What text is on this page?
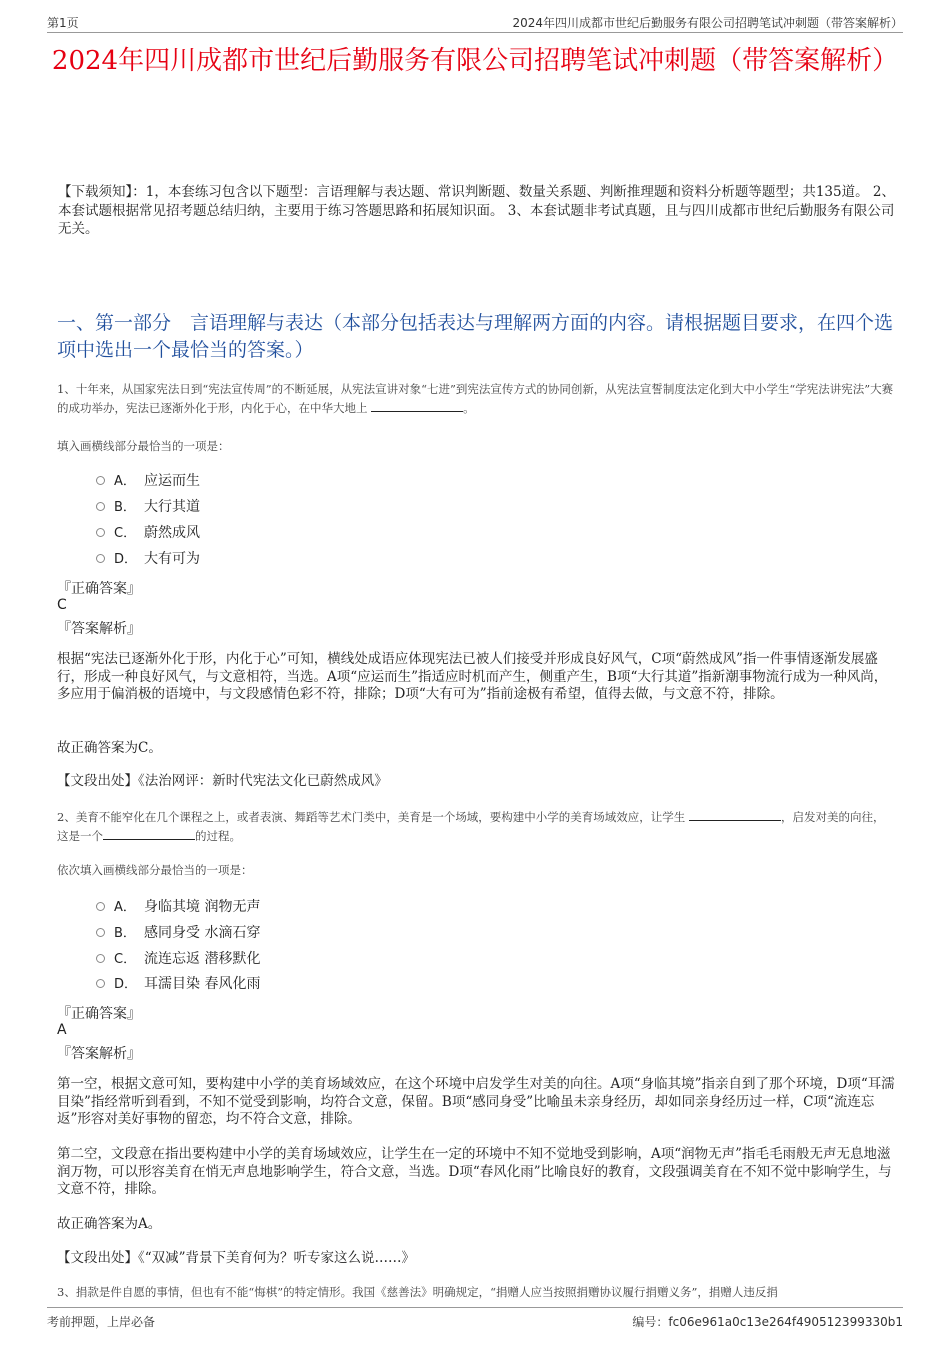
第1页	2024年四川成都市世纪后勤服务有限公司招聘笔试冲刺题（带答案解析）
2024年四川成都市世纪后勤服务有限公司招聘笔试冲刺题（带答案解析）
【下载须知】：1，本套练习包含以下题型：言语理解与表达题、常识判断题、数量关系题、判断推理题和资料分析题等题型；共135道。 2、本套试题根据常见招考题总结归纳，主要用于练习答题思路和拓展知识面。 3、本套试题非考试真题，且与四川成都市世纪后勤服务有限公司无关。
一、第一部分　言语理解与表达（本部分包括表达与理解两方面的内容。请根据题目要求，在四个选项中选出一个最恰当的答案。）
1、十年来，从国家宪法日到“宪法宣传周”的不断延展，从宪法宣讲对象“七进”到宪法宣传方式的协同创新，从宪法宣誓制度法定化到大中小学生“学宪法讲宪法”大赛的成功举办，宪法已逐渐外化于形，内化于心，在中华大地上	。
填入画横线部分最恰当的一项是：
A． 应运而生
B． 大行其道
C． 蔚然成风
D． 大有可为
『正确答案』
C
『答案解析』
根据“宪法已逐渐外化于形，内化于心”可知，横线处成语应体现宪法已被人们接受并形成良好风气，C项“蔚然成风”指一件事情逐渐发展盛行，形成一种良好风气，与文意相符，当选。A项“应运而生”指适应时机而产生，侧重产生，B项“大行其道”指新潮事物流行成为一种风尚，多应用于偏消极的语境中，与文段感情色彩不符，排除；D项“大有可为”指前途极有希望，值得去做，与文意不符，排除。
故正确答案为C。
【文段出处】《法治网评：新时代宪法文化已蔚然成风》
2、美育不能窄化在几个课程之上，或者表演、舞蹈等艺术门类中，美育是一个场域，要构建中小学的美育场域效应，让学生	，启发对美的向往，这是一个	的过程。
依次填入画横线部分最恰当的一项是：
A． 身临其境 润物无声
B． 感同身受 水滴石穿
C． 流连忘返 潜移默化
D． 耳濡目染 春风化雨
『正确答案』
A
『答案解析』
第一空，根据文意可知，要构建中小学的美育场域效应，在这个环境中启发学生对美的向往。A项“身临其境”指亲自到了那个环境，D项“耳濡目染”指经常听到看到，不知不觉受到影响，均符合文意，保留。B项“感同身受”比喻虽未亲身经历，却如同亲身经历过一样，C项“流连忘返”形容对美好事物的留恋，均不符合文意，排除。
第二空，文段意在指出要构建中小学的美育场域效应，让学生在一定的环境中不知不觉地受到影响，A项“润物无声”指毛毛雨般无声无息地滋润万物，可以形容美育在悄无声息地影响学生，符合文意，当选。D项“春风化雨”比喻良好的教育，文段强调美育在不知不觉中影响学生，与文意不符，排除。
故正确答案为A。
【文段出处】《“双减”背景下美育何为？听专家这么说……》
3、捐款是件自愿的事情，但也有不能“悔棋”的特定情形。我国《慈善法》明确规定，“捐赠人应当按照捐赠协议履行捐赠义务”，捐赠人违反捐
考前押题，上岸必备	编号：fc06e961a0c13e264f490512399330b1
